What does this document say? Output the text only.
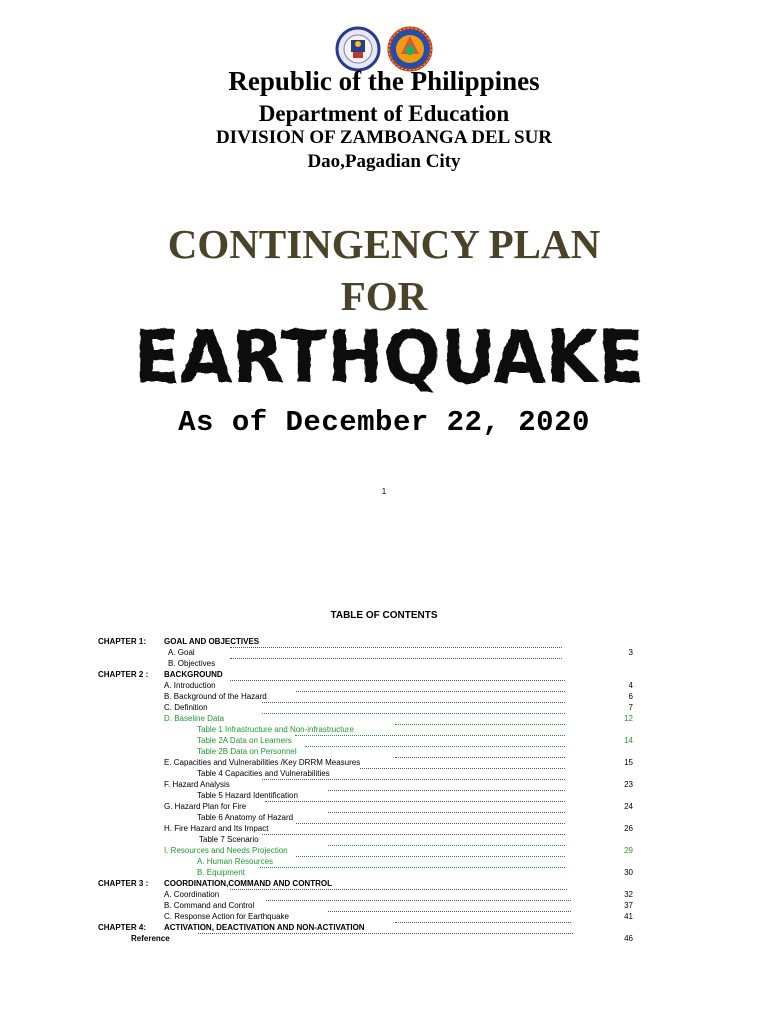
Republic of the Philippines
Department of Education
DIVISION OF ZAMBOANGA DEL SUR
Dao,Pagadian City
CONTINGENCY PLAN
FOR
EARTHQUAKE
As of December 22, 2020
1
TABLE OF CONTENTS
CHAPTER 1: GOAL AND OBJECTIVES
A. Goal	3
B. Objectives
CHAPTER 2 : BACKGROUND
A. Introduction	4
B. Background of the Hazard	6
C. Definition	7
D. Baseline Data	12
Table 1 Infrastructure and Non-infrastructure
Table 2A Data on Learners	14
Table 2B Data on Personnel
E. Capacities and Vulnerabilities /Key DRRM Measures	15
Table 4 Capacities and Vulnerabilities
F. Hazard Analysis	23
Table 5 Hazard Identification
G. Hazard Plan for Fire	24
Table 6 Anatomy of Hazard
H. Fire Hazard and Its Impact	26
Table 7 Scenario
I. Resources and Needs Projection	29
A. Human Resources
B. Equipment	30
CHAPTER 3 : COORDINATION,COMMAND AND CONTROL
A. Coordination	32
B. Command and Control	37
C. Response Action for Earthquake	41
CHAPTER 4: ACTIVATION, DEACTIVATION AND NON-ACTIVATION
Reference	46
